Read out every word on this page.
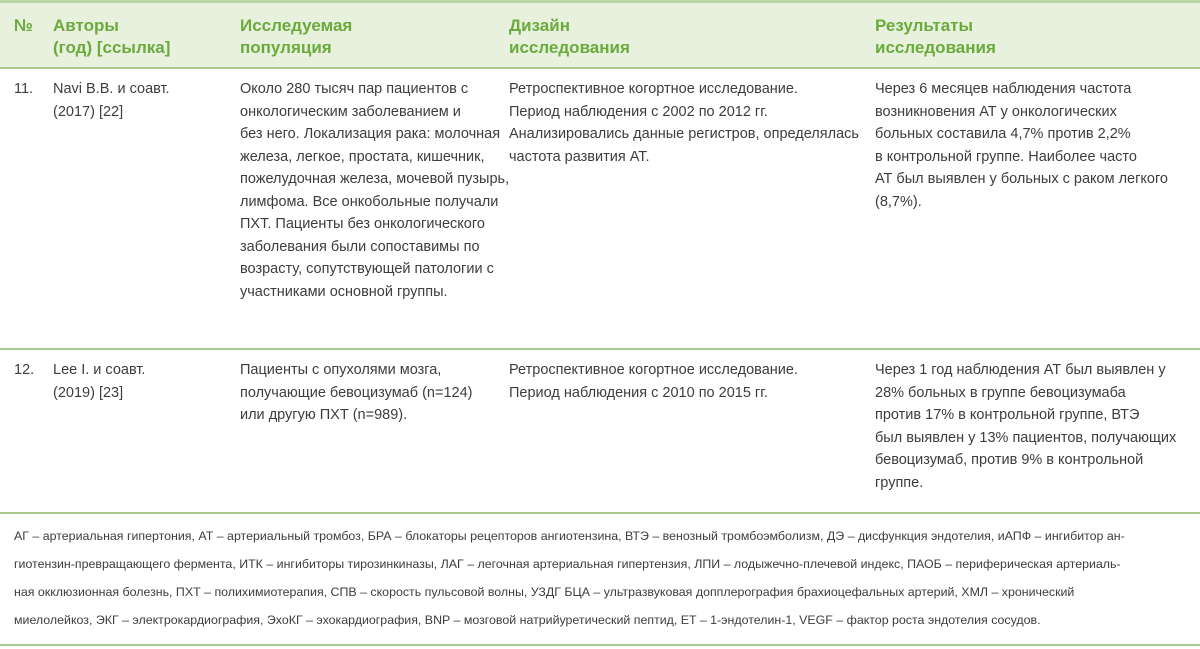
№ Авторы
(год) [ссылка]
Исследуемая
популяция
Дизайн
исследования
Результаты
исследования
11.	Navi B.B. и соавт.
(2017) [22]
Около 280 тысяч пар пациентов с
онкологическим заболеванием и
без него. Локализация рака: молочная
железа, легкое, простата, кишечник,
пожелудочная железа, мочевой пузырь,
лимфома. Все онкобольные получали
ПХТ. Пациенты без онкологического
заболевания были сопоставимы по
возрасту, сопутствующей патологии с
участниками основной группы.
Ретроспективное когортное исследование.
Период наблюдения с 2002 по 2012 гг.
Анализировались данные регистров, определялась
частота развития АТ.
Через 6 месяцев наблюдения частота
возникновения АТ у онкологических
больных составила 4,7% против 2,2%
в контрольной группе. Наиболее часто
АТ был выявлен у больных с раком легкого
(8,7%).
12.	Lee I. и соавт.
(2019) [23]
Пациенты с опухолями мозга,
получающие бевоцизумаб (n=124)
или другую ПХТ (n=989).
Ретроспективное когортное исследование.
Период наблюдения с 2010 по 2015 гг.
Через 1 год наблюдения АТ был выявлен у
28% больных в группе бевоцизумаба
против 17% в контрольной группе, ВТЭ
был выявлен у 13% пациентов, получающих
бевоцизумаб, против 9% в контрольной
группе.
АГ – артериальная гипертония, АТ – артериальный тромбоз, БРА – блокаторы рецепторов ангиотензина, ВТЭ – венозный тромбоэмболизм, ДЭ – дисфункция эндотелия, иАПФ – ингибитор ан-
гиотензин-превращающего фермента, ИТК – ингибиторы тирозинкиназы, ЛАГ – легочная артериальная гипертензия, ЛПИ – лодыжечно-плечевой индекс, ПАОБ – периферическая артериаль-
ная окклюзионная болезнь, ПХТ – полихимиотерапия, СПВ – скорость пульсовой волны, УЗДГ БЦА – ультразвуковая допплерография брахиоцефальных артерий, ХМЛ – хронический
миелолейкоз, ЭКГ – электрокардиография, ЭхоКГ – эхокардиография, BNP – мозговой натрийуретический пептид, ET – 1-эндотелин-1, VEGF – фактор роста эндотелия сосудов.
